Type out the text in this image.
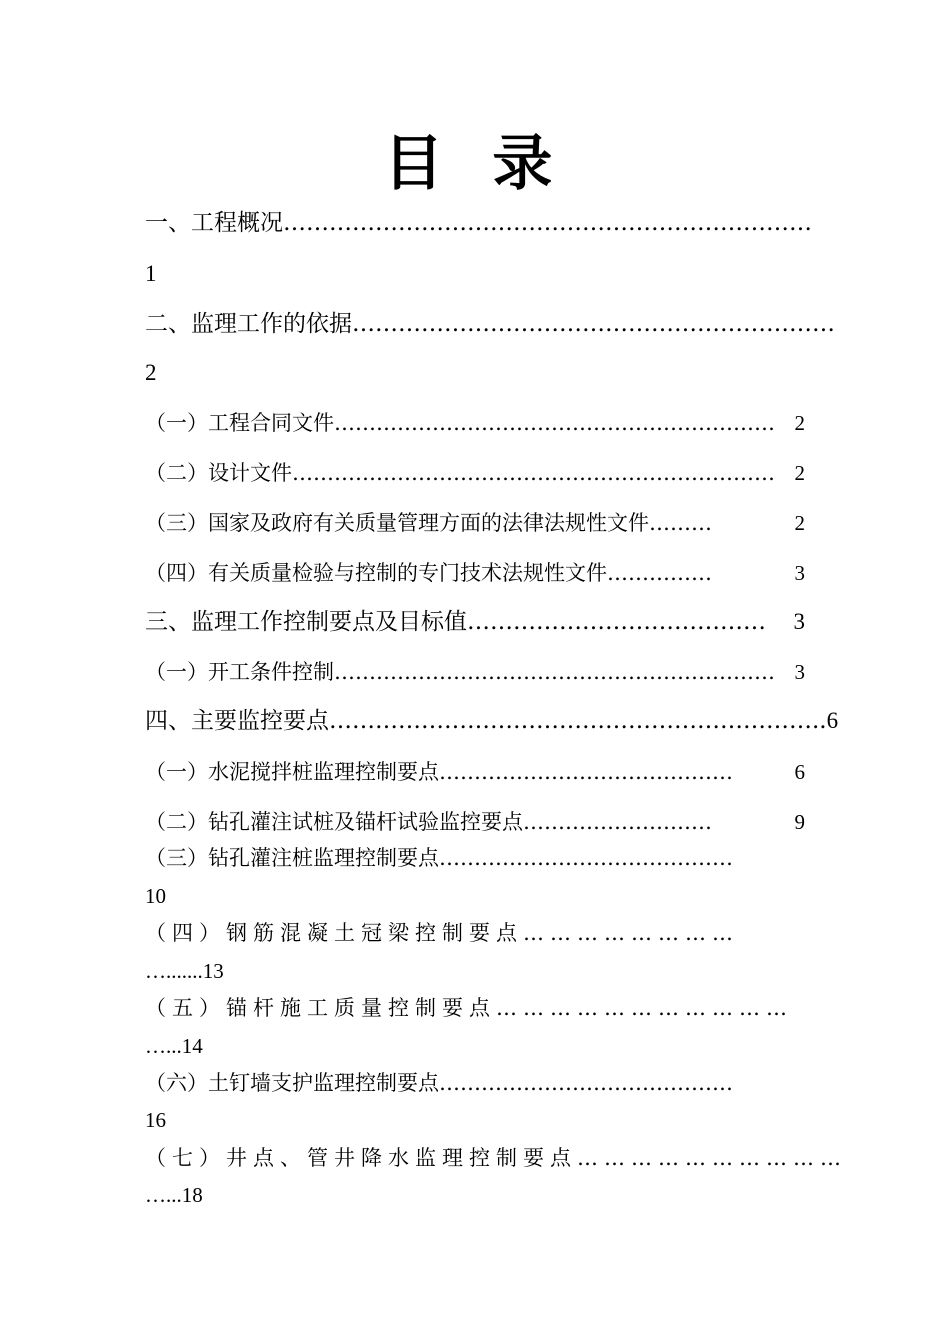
目 录
一、工程概况……………………………………………………………
1
二、监理工作的依据………………………………………………………
2
（一）工程合同文件 ……………………………………………………… 2
（二）设计文件 …………………………………………………………… 2
（三）国家及政府有关质量管理方面的法律法规性文件 ………	2
（四）有关质量检验与控制的专门技术法规性文件 ……………	3
三、监理工作控制要点及目标值 …………………………………	3
（一）开工条件控制 ……………………………………………………… 3
四、主要监控要点 ……………………………………………………….. 6
（一）水泥搅拌桩监理控制要点 ……………………………………	6
（二）钻孔灌注试桩及锚杆试验监控要点 ………………………	9
（三）钻孔灌注桩监理控制要点……………………………………
10
（四）钢筋混凝土冠梁控制要点……………………
….......13
（五）锚杆施工质量控制要点……………………………
…...14
（六）土钉墙支护监理控制要点……………………………………
16
（七）井点、管井降水监理控制要点…………………………
…...18
